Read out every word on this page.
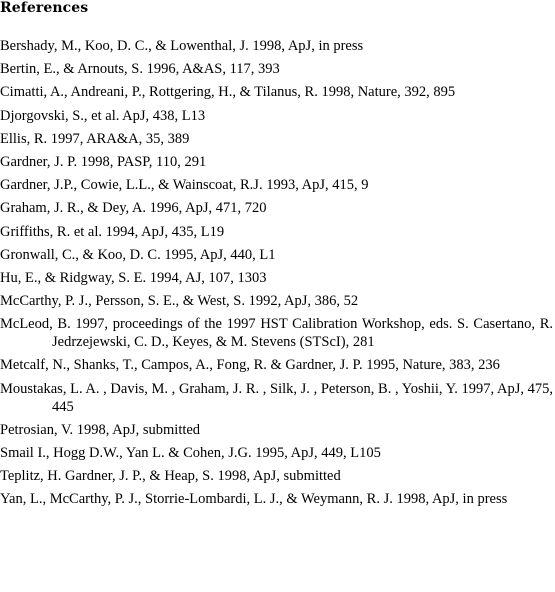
References
Bershady, M., Koo, D. C., & Lowenthal, J. 1998, ApJ, in press
Bertin, E., & Arnouts, S. 1996, A&AS, 117, 393
Cimatti, A., Andreani, P., Rottgering, H., & Tilanus, R. 1998, Nature, 392, 895
Djorgovski, S., et al. ApJ, 438, L13
Ellis, R. 1997, ARA&A, 35, 389
Gardner, J. P. 1998, PASP, 110, 291
Gardner, J.P., Cowie, L.L., & Wainscoat, R.J. 1993, ApJ, 415, 9
Graham, J. R., & Dey, A. 1996, ApJ, 471, 720
Griffiths, R. et al. 1994, ApJ, 435, L19
Gronwall, C., & Koo, D. C. 1995, ApJ, 440, L1
Hu, E., & Ridgway, S. E. 1994, AJ, 107, 1303
McCarthy, P. J., Persson, S. E., & West, S. 1992, ApJ, 386, 52
McLeod, B. 1997, proceedings of the 1997 HST Calibration Workshop, eds. S. Casertano, R. Jedrzejewski, C. D., Keyes, & M. Stevens (STScI), 281
Metcalf, N., Shanks, T., Campos, A., Fong, R. & Gardner, J. P. 1995, Nature, 383, 236
Moustakas, L. A. , Davis, M. , Graham, J. R. , Silk, J. , Peterson, B. , Yoshii, Y. 1997, ApJ, 475, 445
Petrosian, V. 1998, ApJ, submitted
Smail I., Hogg D.W., Yan L. & Cohen, J.G. 1995, ApJ, 449, L105
Teplitz, H. Gardner, J. P., & Heap, S. 1998, ApJ, submitted
Yan, L., McCarthy, P. J., Storrie-Lombardi, L. J., & Weymann, R. J. 1998, ApJ, in press
